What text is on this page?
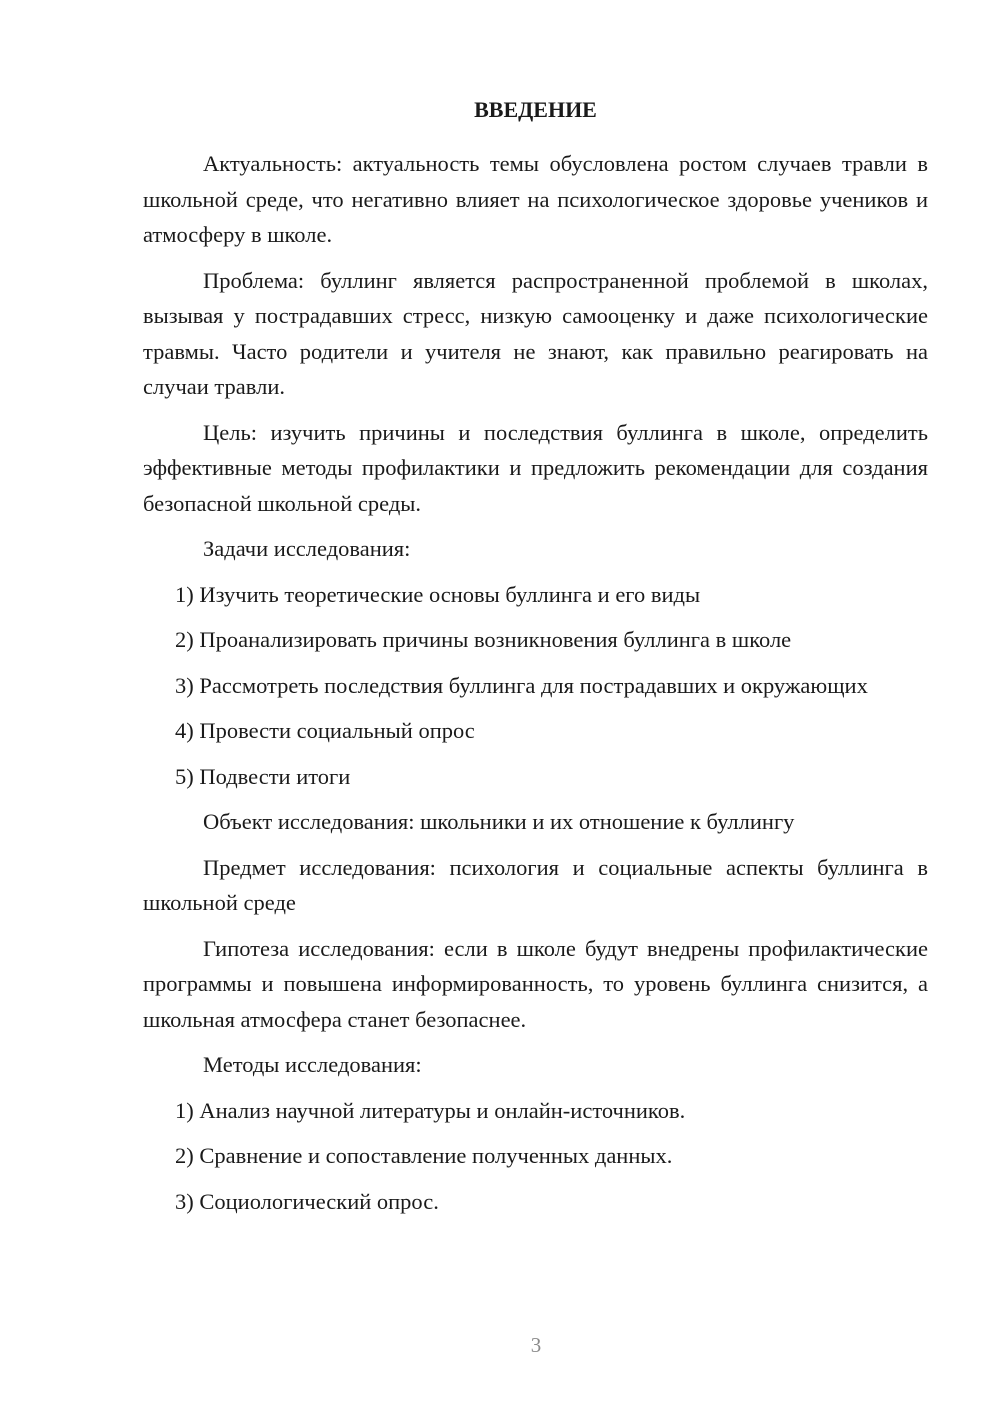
ВВЕДЕНИЕ

Актуальность: актуальность темы обусловлена ростом случаев травли в школьной среде, что негативно влияет на психологическое здоровье учеников и атмосферу в школе.

Проблема: буллинг является распространенной проблемой в школах, вызывая у пострадавших стресс, низкую самооценку и даже психологические травмы. Часто родители и учителя не знают, как правильно реагировать на случаи травли.

Цель: изучить причины и последствия буллинга в школе, определить эффективные методы профилактики и предложить рекомендации для создания безопасной школьной среды.

Задачи исследования:

1) Изучить теоретические основы буллинга и его виды

2) Проанализировать причины возникновения буллинга в школе

3) Рассмотреть последствия буллинга для пострадавших и окружающих

4) Провести социальный опрос

5) Подвести итоги

Объект исследования: школьники и их отношение к буллингу

Предмет исследования: психология и социальные аспекты буллинга в школьной среде

Гипотеза исследования: если в школе будут внедрены профилактические программы и повышена информированность, то уровень буллинга снизится, а школьная атмосфера станет безопаснее.

Методы исследования:

1) Анализ научной литературы и онлайн-источников.

2) Сравнение и сопоставление полученных данных.

3) Социологический опрос.

3
